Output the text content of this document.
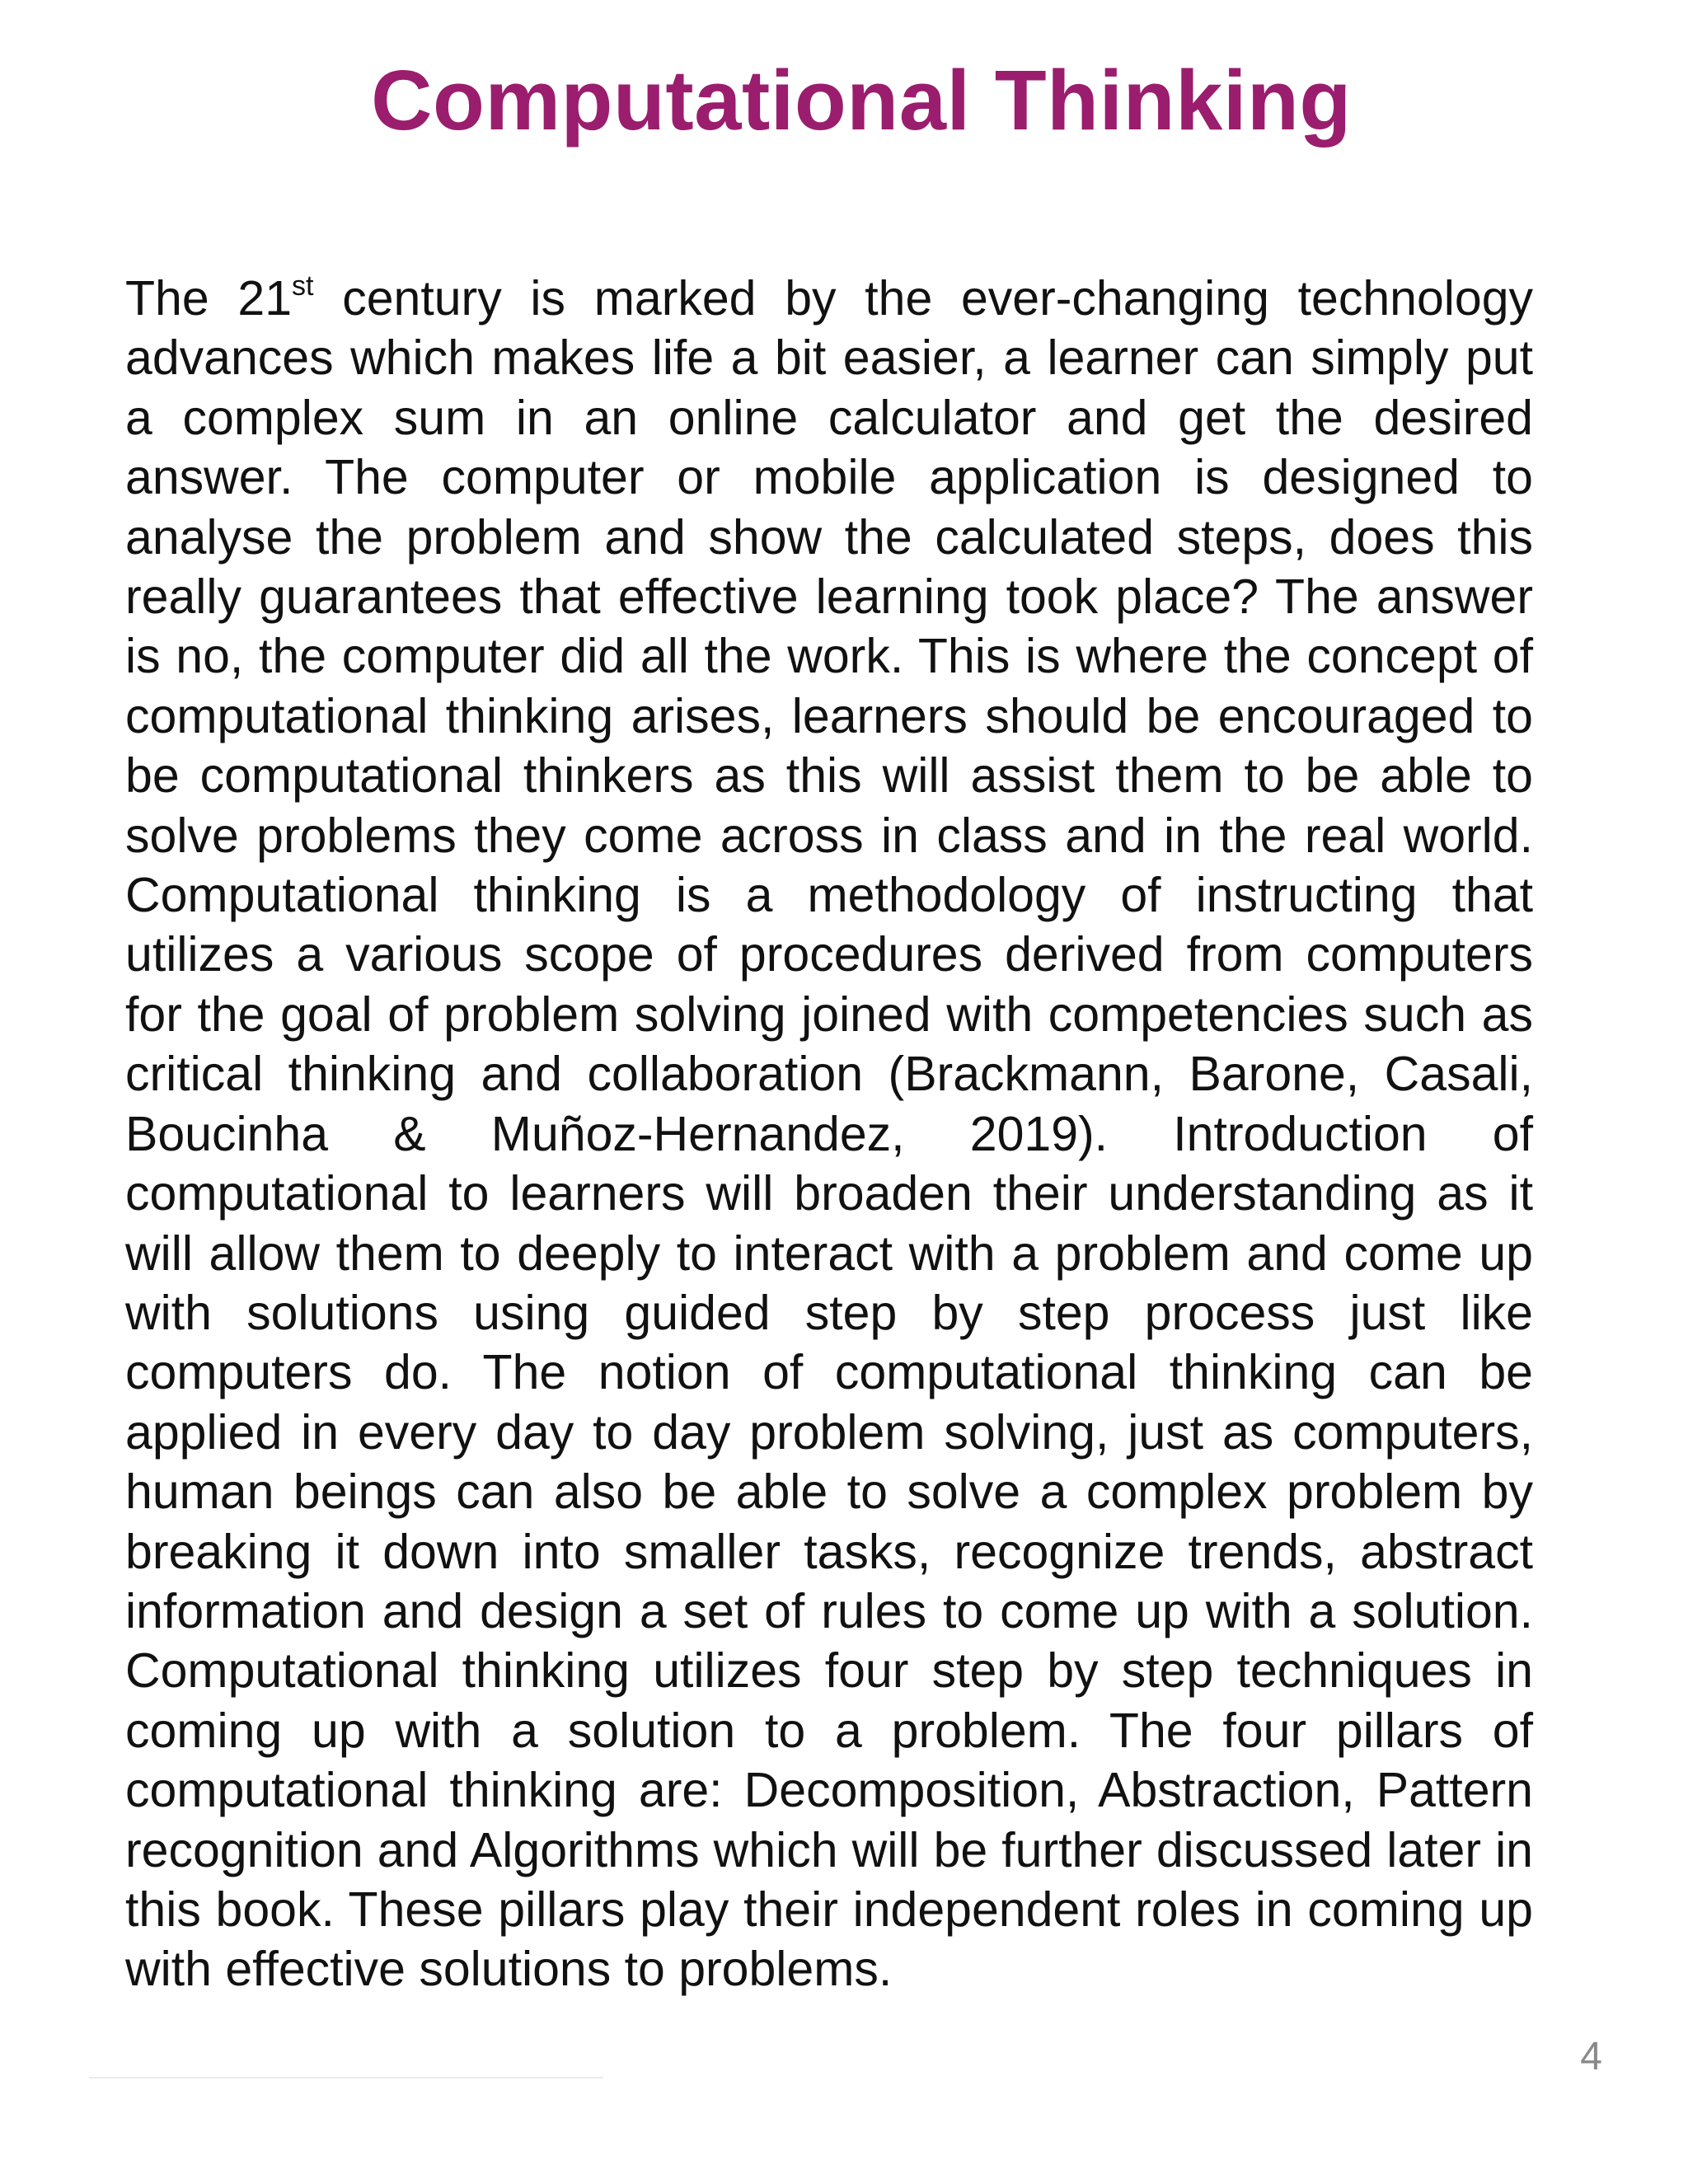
Computational Thinking

The 21st century is marked by the ever-changing technology advances which makes life a bit easier, a learner can simply put a complex sum in an online calculator and get the desired answer. The computer or mobile application is designed to analyse the problem and show the calculated steps, does this really guarantees that effective learning took place? The answer is no, the computer did all the work. This is where the concept of computational thinking arises, learners should be encouraged to be computational thinkers as this will assist them to be able to solve problems they come across in class and in the real world. Computational thinking is a methodology of instructing that utilizes a various scope of procedures derived from computers for the goal of problem solving joined with competencies such as critical thinking and collaboration (Brackmann, Barone, Casali, Boucinha & Muñoz-Hernandez, 2019). Introduction of computational to learners will broaden their understanding as it will allow them to deeply to interact with a problem and come up with solutions using guided step by step process just like computers do. The notion of computational thinking can be applied in every day to day problem solving, just as computers, human beings can also be able to solve a complex problem by breaking it down into smaller tasks, recognize trends, abstract information and design a set of rules to come up with a solution. Computational thinking utilizes four step by step techniques in coming up with a solution to a problem. The four pillars of computational thinking are: Decomposition, Abstraction, Pattern recognition and Algorithms which will be further discussed later in this book. These pillars play their independent roles in coming up with effective solutions to problems.

4
